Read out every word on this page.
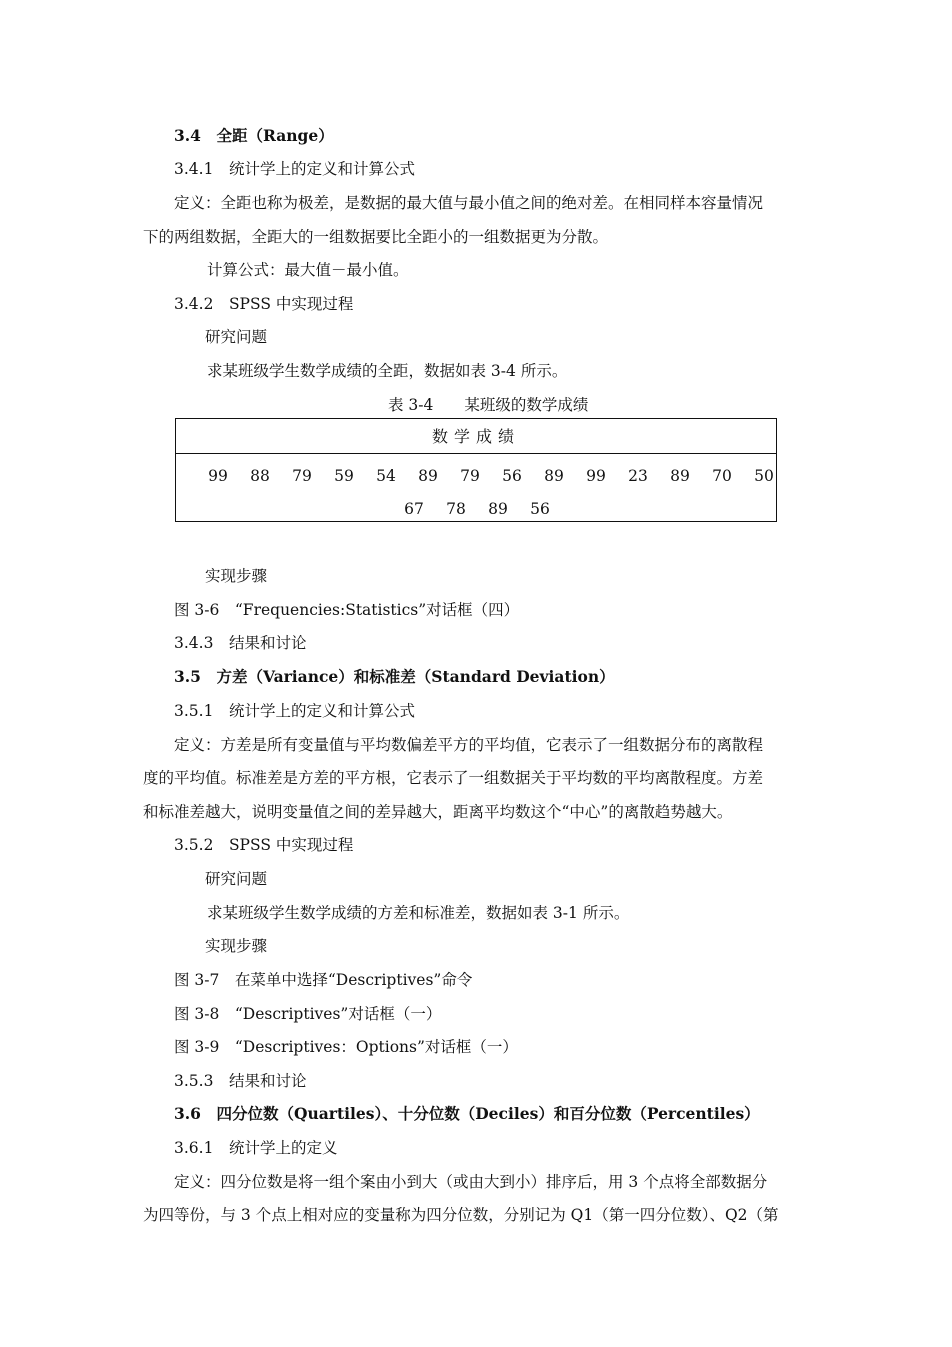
3.4　全距（Range）
3.4.1　统计学上的定义和计算公式
定义：全距也称为极差，是数据的最大值与最小值之间的绝对差。在相同样本容量情况
下的两组数据，全距大的一组数据要比全距小的一组数据更为分散。
计算公式：最大值－最小值。
3.4.2　SPSS 中实现过程
研究问题
求某班级学生数学成绩的全距，数据如表 3-4 所示。
表 3-4　　某班级的数学成绩
数学成绩
99	88	79	59	54	89	79	56	89	99	23	89	70	50
67	78	89	56
实现步骤
图 3-6　“Frequencies:Statistics”对话框（四）
3.4.3　结果和讨论
3.5　方差（Variance）和标准差（Standard Deviation）
3.5.1　统计学上的定义和计算公式
定义：方差是所有变量值与平均数偏差平方的平均值，它表示了一组数据分布的离散程
度的平均值。标准差是方差的平方根，它表示了一组数据关于平均数的平均离散程度。方差
和标准差越大，说明变量值之间的差异越大，距离平均数这个“中心”的离散趋势越大。
3.5.2　SPSS 中实现过程
研究问题
求某班级学生数学成绩的方差和标准差，数据如表 3-1 所示。
实现步骤
图 3-7　在菜单中选择“Descriptives”命令
图 3-8　“Descriptives”对话框（一）
图 3-9　“Descriptives：Options”对话框（一）
3.5.3　结果和讨论
3.6　四分位数（Quartiles）、十分位数（Deciles）和百分位数（Percentiles）
3.6.1　统计学上的定义
定义：四分位数是将一组个案由小到大（或由大到小）排序后，用 3 个点将全部数据分
为四等份，与 3 个点上相对应的变量称为四分位数，分别记为 Q1（第一四分位数）、Q2（第
